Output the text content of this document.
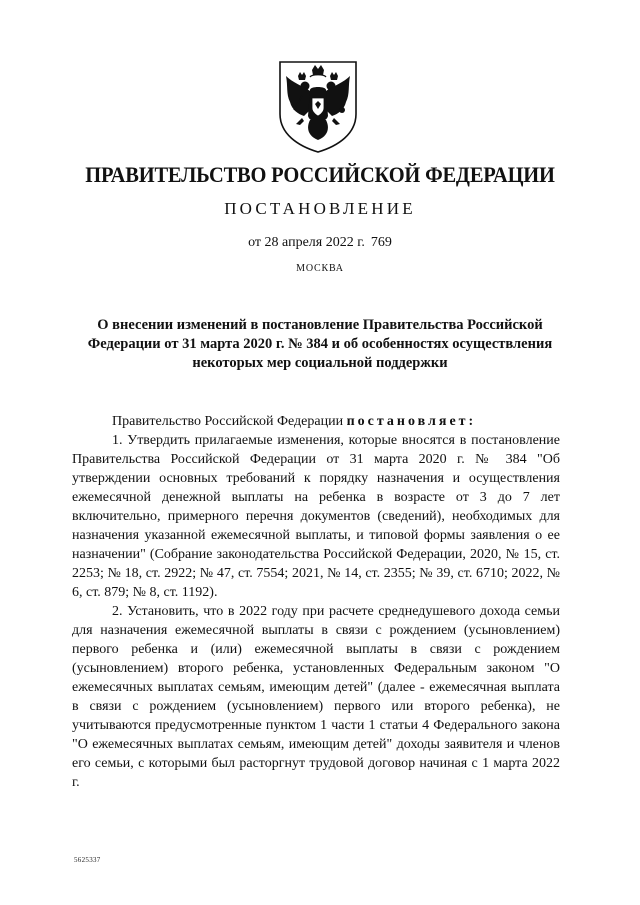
ПРАВИТЕЛЬСТВО РОССИЙСКОЙ ФЕДЕРАЦИИ
ПОСТАНОВЛЕНИЕ
от 28 апреля 2022 г. 769
МОСКВА
О внесении изменений в постановление Правительства Российской Федерации от 31 марта 2020 г. № 384 и об особенностях осуществления некоторых мер социальной поддержки

Правительство Российской Федерации постановляет:

1. Утвердить прилагаемые изменения, которые вносятся в постановление Правительства Российской Федерации от 31 марта 2020 г. № 384 "Об утверждении основных требований к порядку назначения и осуществления ежемесячной денежной выплаты на ребенка в возрасте от 3 до 7 лет включительно, примерного перечня документов (сведений), необходимых для назначения указанной ежемесячной выплаты, и типовой формы заявления о ее назначении" (Собрание законодательства Российской Федерации, 2020, № 15, ст. 2253; № 18, ст. 2922; № 47, ст. 7554; 2021, № 14, ст. 2355; № 39, ст. 6710; 2022, № 6, ст. 879; № 8, ст. 1192).

2. Установить, что в 2022 году при расчете среднедушевого дохода семьи для назначения ежемесячной выплаты в связи с рождением (усыновлением) первого ребенка и (или) ежемесячной выплаты в связи с рождением (усыновлением) второго ребенка, установленных Федеральным законом "О ежемесячных выплатах семьям, имеющим детей" (далее - ежемесячная выплата в связи с рождением (усыновлением) первого или второго ребенка), не учитываются предусмотренные пунктом 1 части 1 статьи 4 Федерального закона "О ежемесячных выплатах семьям, имеющим детей" доходы заявителя и членов его семьи, с которыми был расторгнут трудовой договор начиная с 1 марта 2022 г.

5625337
